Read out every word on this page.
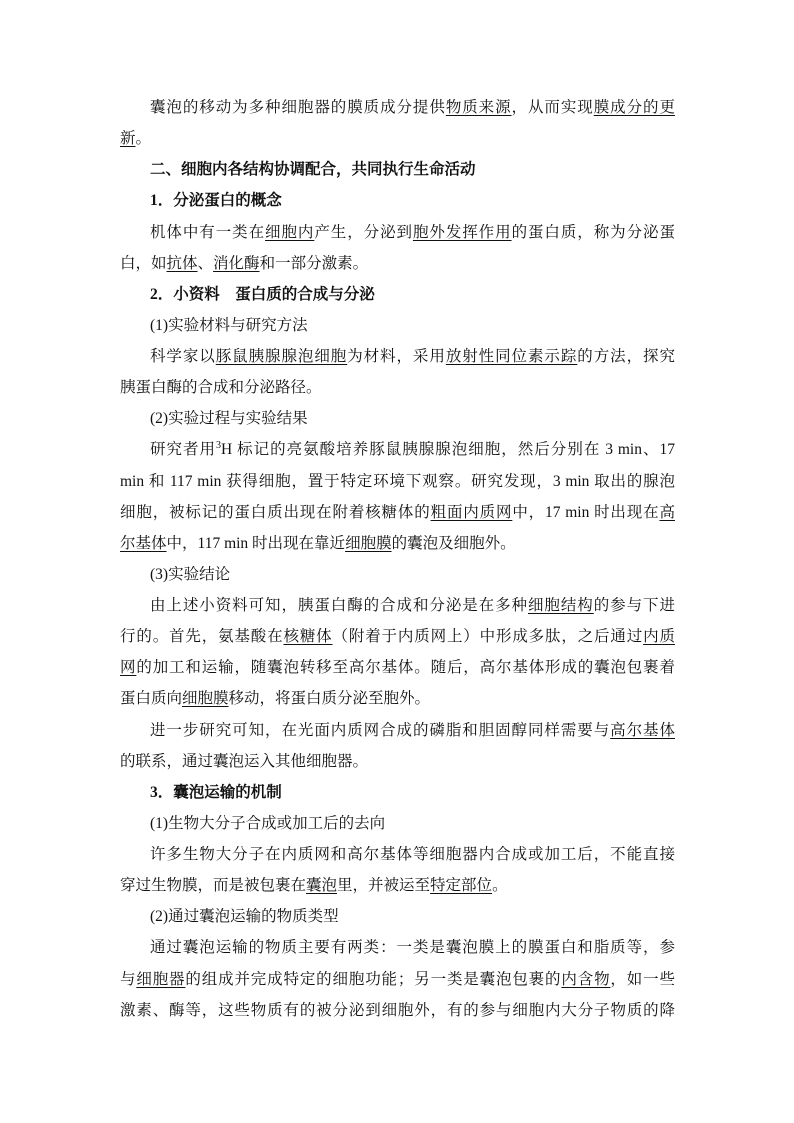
囊泡的移动为多种细胞器的膜质成分提供物质来源，从而实现膜成分的更
新。
二、细胞内各结构协调配合，共同执行生命活动
1．分泌蛋白的概念
机体中有一类在细胞内产生，分泌到胞外发挥作用的蛋白质，称为分泌蛋
白，如抗体、消化酶和一部分激素。
2．小资料　蛋白质的合成与分泌
(1)实验材料与研究方法
科学家以豚鼠胰腺腺泡细胞为材料，采用放射性同位素示踪的方法，探究
胰蛋白酶的合成和分泌路径。
(2)实验过程与实验结果
研究者用$^3$H 标记的亮氨酸培养豚鼠胰腺腺泡细胞，然后分别在 3 min、17
min 和 117 min 获得细胞，置于特定环境下观察。研究发现，3 min 取出的腺泡
细胞，被标记的蛋白质出现在附着核糖体的粗面内质网中，17 min 时出现在高
尔基体中，117 min 时出现在靠近细胞膜的囊泡及细胞外。
(3)实验结论
由上述小资料可知，胰蛋白酶的合成和分泌是在多种细胞结构的参与下进
行的。首先，氨基酸在核糖体（附着于内质网上）中形成多肽，之后通过内质
网的加工和运输，随囊泡转移至高尔基体。随后，高尔基体形成的囊泡包裹着
蛋白质向细胞膜移动，将蛋白质分泌至胞外。
进一步研究可知，在光面内质网合成的磷脂和胆固醇同样需要与高尔基体
的联系，通过囊泡运入其他细胞器。
3．囊泡运输的机制
(1)生物大分子合成或加工后的去向
许多生物大分子在内质网和高尔基体等细胞器内合成或加工后，不能直接
穿过生物膜，而是被包裹在囊泡里，并被运至特定部位。
(2)通过囊泡运输的物质类型
通过囊泡运输的物质主要有两类：一类是囊泡膜上的膜蛋白和脂质等，参
与细胞器的组成并完成特定的细胞功能；另一类是囊泡包裹的内含物，如一些
激素、酶等，这些物质有的被分泌到细胞外，有的参与细胞内大分子物质的降
